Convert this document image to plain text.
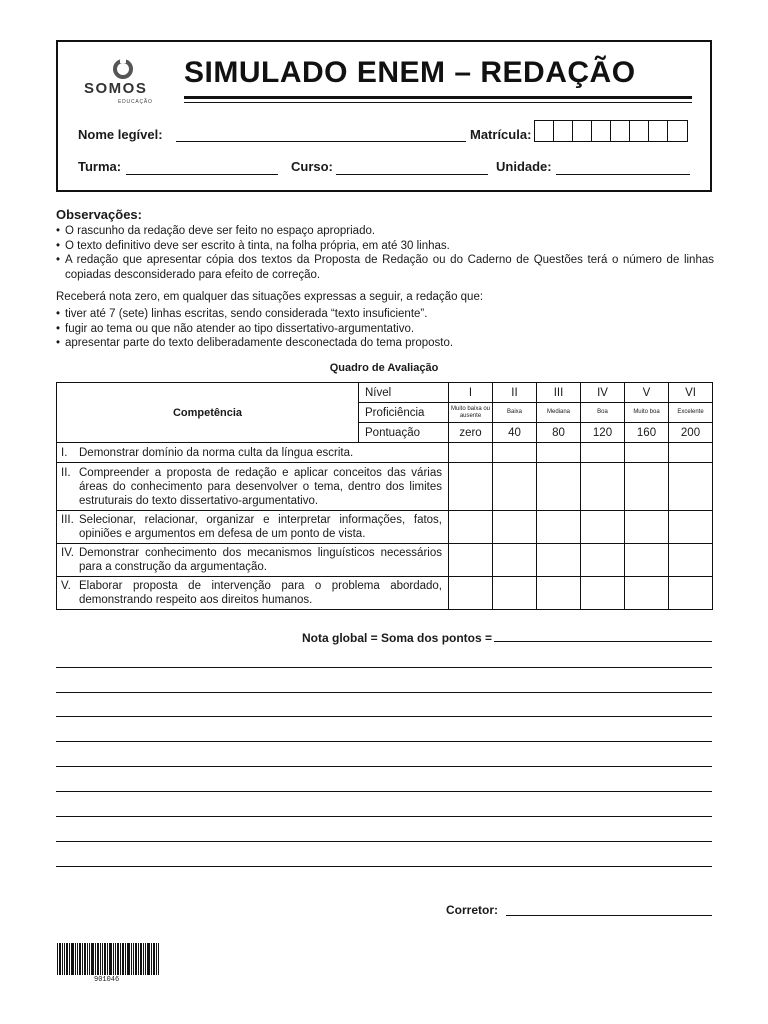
SOMOS
EDUCAÇÃO
SIMULADO ENEM – REDAÇÃO
Nome legível:	Matrícula:
Turma:	Curso:	Unidade:
Observações:
• O rascunho da redação deve ser feito no espaço apropriado.
• O texto definitivo deve ser escrito à tinta, na folha própria, em até 30 linhas.
• A redação que apresentar cópia dos textos da Proposta de Redação ou do Caderno de Questões terá o número de linhas copiadas desconsiderado para efeito de correção.
Receberá nota zero, em qualquer das situações expressas a seguir, a redação que:
• tiver até 7 (sete) linhas escritas, sendo considerada “texto insuficiente”.
• fugir ao tema ou que não atender ao tipo dissertativo-argumentativo.
• apresentar parte do texto deliberadamente desconectada do tema proposto.
Quadro de Avaliação
Competência	Nível	I	II	III	IV	V	VI
	Proficiência	Muito baixa ou ausente	Baixa	Mediana	Boa	Muito boa	Excelente
	Pontuação	zero	40	80	120	160	200

I. Demonstrar domínio da norma culta da língua escrita.							

II. Compreender a proposta de redação e aplicar conceitos das várias áreas do conhecimento para desenvolver o tema, dentro dos limites estruturais do texto dissertativo-argumentativo.							

III. Selecionar, relacionar, organizar e interpretar informações, fatos, opiniões e argumentos em defesa de um ponto de vista.							

IV. Demonstrar conhecimento dos mecanismos linguísticos necessários para a construção da argumentação.							

V. Elaborar proposta de intervenção para o problema abordado, demonstrando respeito aos direitos humanos.							

Nota global = Soma dos pontos =
Corretor:
901046
